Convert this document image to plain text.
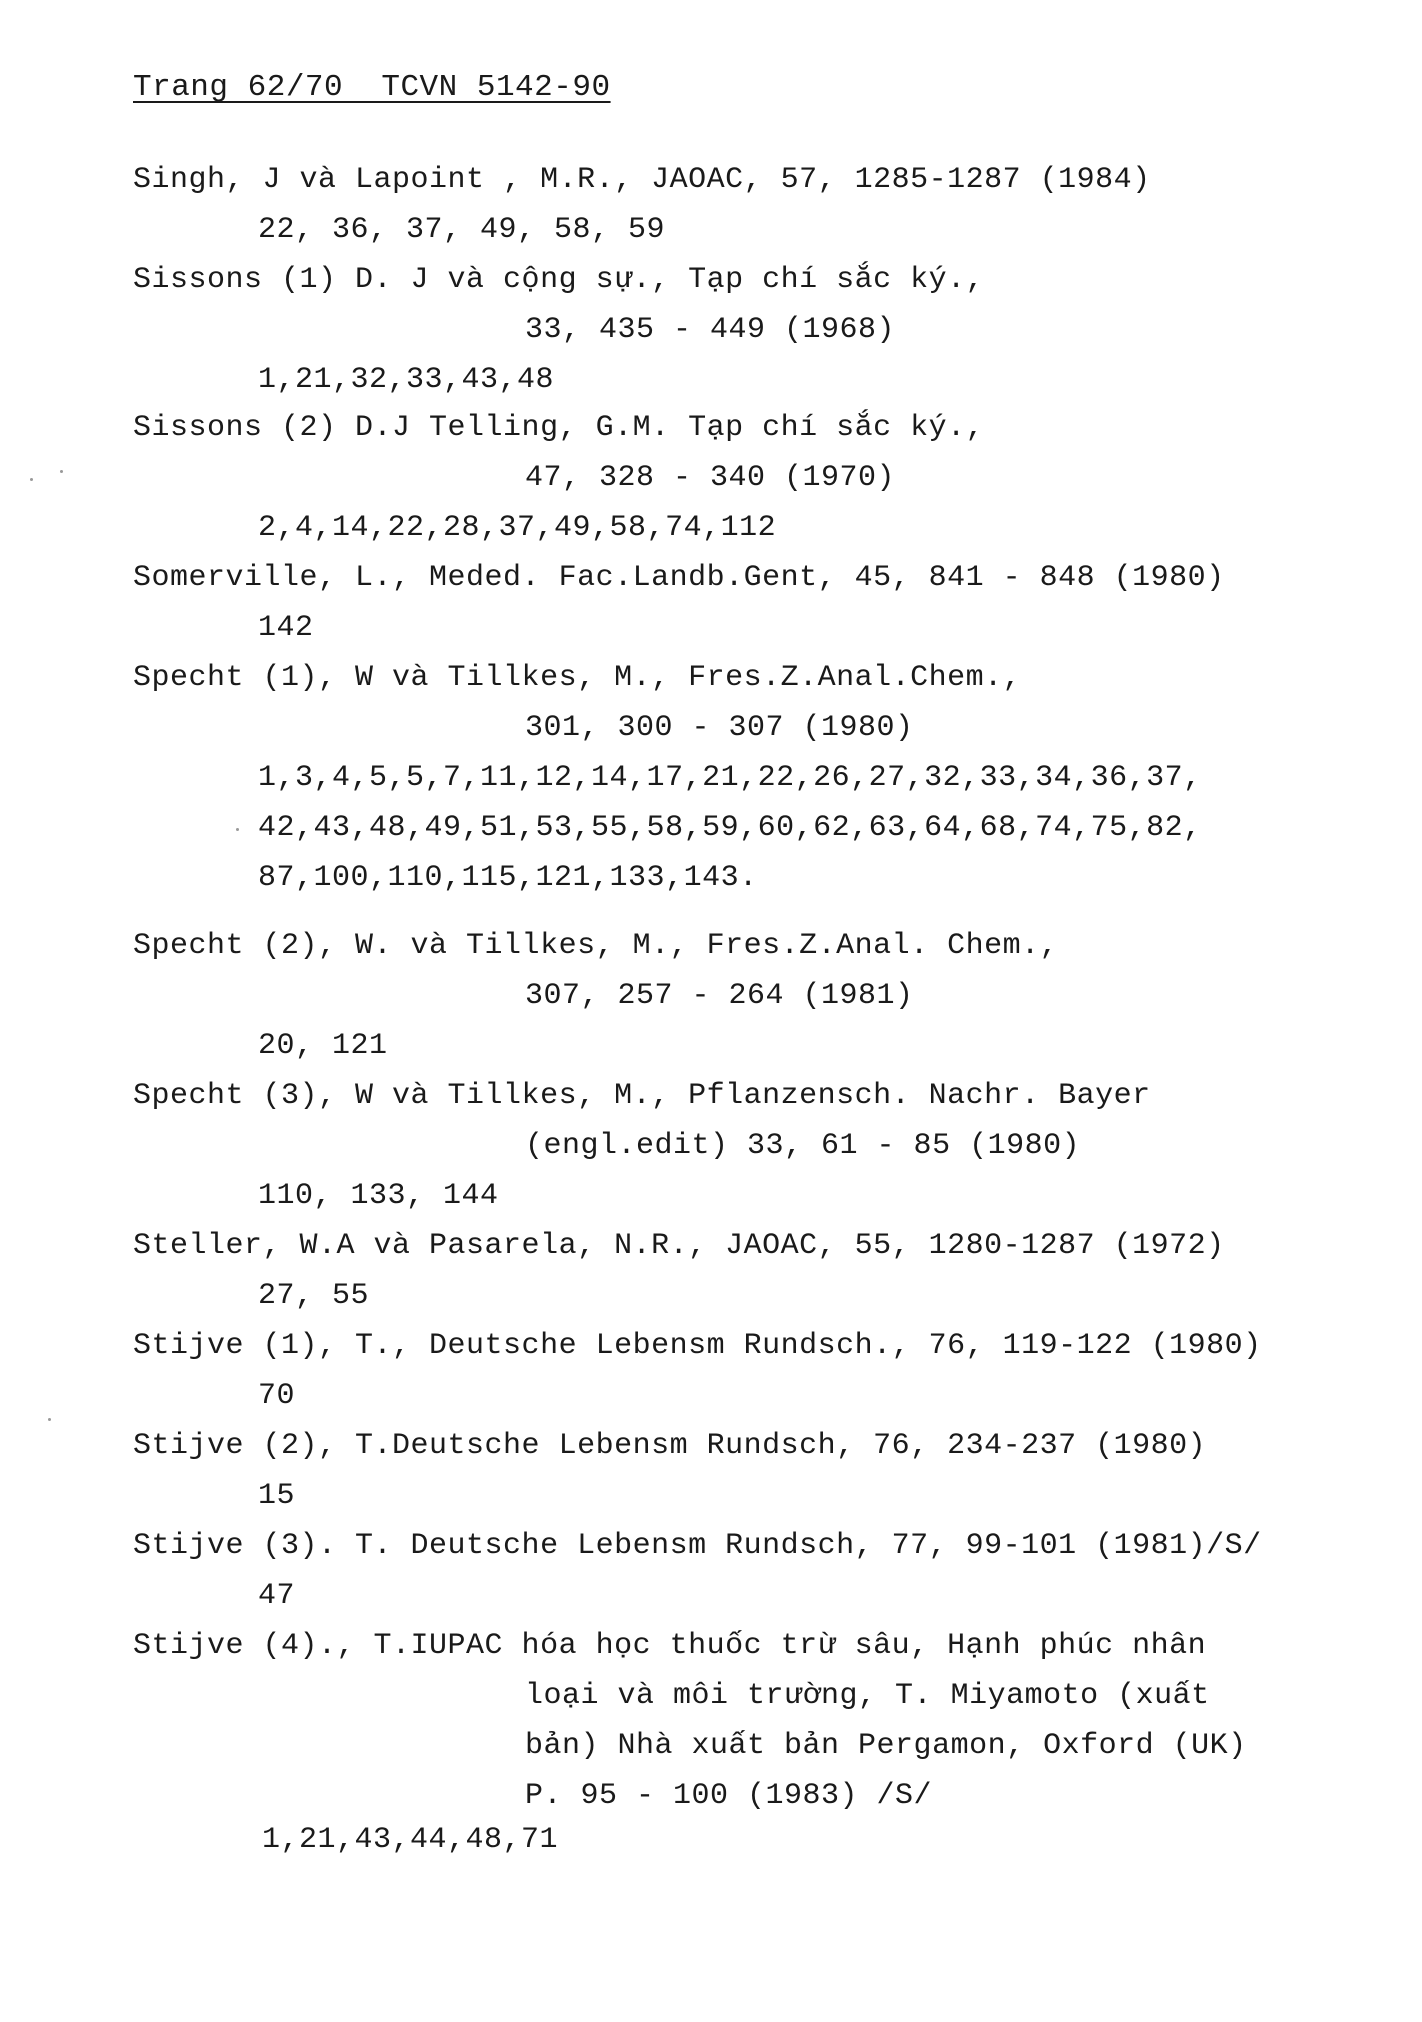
Trang 62/70  TCVN 5142-90
Singh, J và Lapoint , M.R., JAOAC, 57, 1285-1287 (1984)
22, 36, 37, 49, 58, 59
Sissons (1) D. J và cộng sự., Tạp chí sắc ký.,
33, 435 - 449 (1968)
1,21,32,33,43,48
Sissons (2) D.J Telling, G.M. Tạp chí sắc ký.,
47, 328 - 340 (1970)
2,4,14,22,28,37,49,58,74,112
Somerville, L., Meded. Fac.Landb.Gent, 45, 841 - 848 (1980)
142
Specht (1), W và Tillkes, M., Fres.Z.Anal.Chem.,
301, 300 - 307 (1980)
1,3,4,5,5,7,11,12,14,17,21,22,26,27,32,33,34,36,37,
42,43,48,49,51,53,55,58,59,60,62,63,64,68,74,75,82,
87,100,110,115,121,133,143.
Specht (2), W. và Tillkes, M., Fres.Z.Anal. Chem.,
307, 257 - 264 (1981)
20, 121
Specht (3), W và Tillkes, M., Pflanzensch. Nachr. Bayer
(engl.edit) 33, 61 - 85 (1980)
110, 133, 144
Steller, W.A và Pasarela, N.R., JAOAC, 55, 1280-1287 (1972)
27, 55
Stijve (1), T., Deutsche Lebensm Rundsch., 76, 119-122 (1980)
70
Stijve (2), T.Deutsche Lebensm Rundsch, 76, 234-237 (1980)
15
Stijve (3). T. Deutsche Lebensm Rundsch, 77, 99-101 (1981)/S/
47
Stijve (4)., T.IUPAC hóa học thuốc trừ sâu, Hạnh phúc nhân
loại và môi trường, T. Miyamoto (xuất
bản) Nhà xuất bản Pergamon, Oxford (UK)
P. 95 - 100 (1983) /S/
1,21,43,44,48,71
